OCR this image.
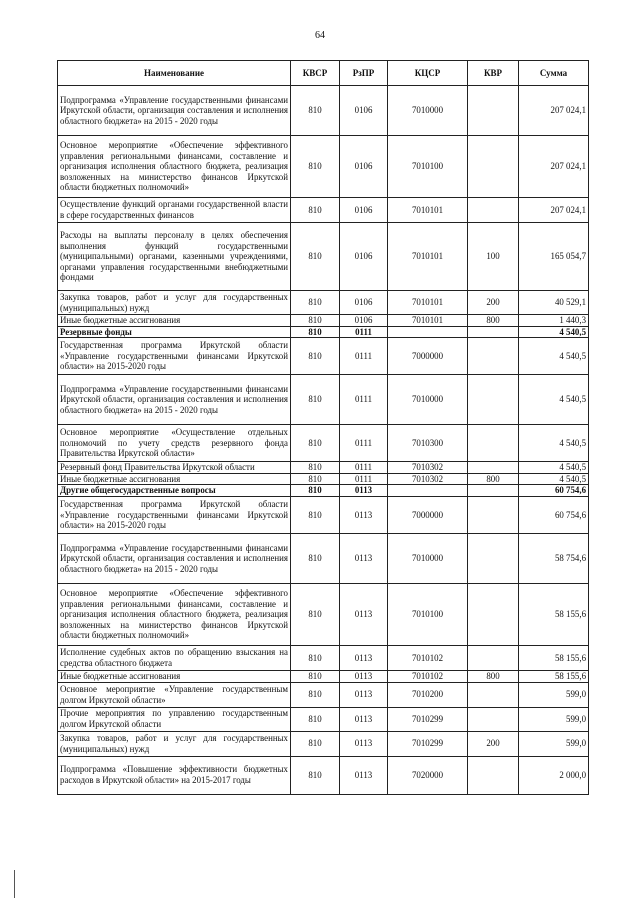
64
Наименование	КВСР	РзПР	КЦСР	КВР	Сумма
Подпрограмма «Управление государственными финансами Иркутской области, организация составления и исполнения областного бюджета» на 2015 - 2020 годы	810	0106	7010000		207 024,1
Основное мероприятие «Обеспечение эффективного управления региональными финансами, составление и организация исполнения областного бюджета, реализация возложенных на министерство финансов Иркутской области бюджетных полномочий»	810	0106	7010100		207 024,1
Осуществление функций органами государственной власти в сфере государственных финансов	810	0106	7010101		207 024,1
Расходы на выплаты персоналу в целях обеспечения выполнения функций государственными (муниципальными) органами, казенными учреждениями, органами управления государственными внебюджетными фондами	810	0106	7010101	100	165 054,7
Закупка товаров, работ и услуг для государственных (муниципальных) нужд	810	0106	7010101	200	40 529,1
Иные бюджетные ассигнования	810	0106	7010101	800	1 440,3
Резервные фонды	810	0111			4 540,5
Государственная программа Иркутской области «Управление государственными финансами Иркутской области» на 2015-2020 годы	810	0111	7000000		4 540,5
Подпрограмма «Управление государственными финансами Иркутской области, организация составления и исполнения областного бюджета» на 2015 - 2020 годы	810	0111	7010000		4 540,5
Основное мероприятие «Осуществление отдельных полномочий по учету средств резервного фонда Правительства Иркутской области»	810	0111	7010300		4 540,5
Резервный фонд Правительства Иркутской области	810	0111	7010302		4 540,5
Иные бюджетные ассигнования	810	0111	7010302	800	4 540,5
Другие общегосударственные вопросы	810	0113			60 754,6
Государственная программа Иркутской области «Управление государственными финансами Иркутской области» на 2015-2020 годы	810	0113	7000000		60 754,6
Подпрограмма «Управление государственными финансами Иркутской области, организация составления и исполнения областного бюджета» на 2015 - 2020 годы	810	0113	7010000		58 754,6
Основное мероприятие «Обеспечение эффективного управления региональными финансами, составление и организация исполнения областного бюджета, реализация возложенных на министерство финансов Иркутской области бюджетных полномочий»	810	0113	7010100		58 155,6
Исполнение судебных актов по обращению взыскания на средства областного бюджета	810	0113	7010102		58 155,6
Иные бюджетные ассигнования	810	0113	7010102	800	58 155,6
Основное мероприятие «Управление государственным долгом Иркутской области»	810	0113	7010200		599,0
Прочие мероприятия по управлению государственным долгом Иркутской области	810	0113	7010299		599,0
Закупка товаров, работ и услуг для государственных (муниципальных) нужд	810	0113	7010299	200	599,0
Подпрограмма «Повышение эффективности бюджетных расходов в Иркутской области» на 2015-2017 годы	810	0113	7020000		2 000,0
